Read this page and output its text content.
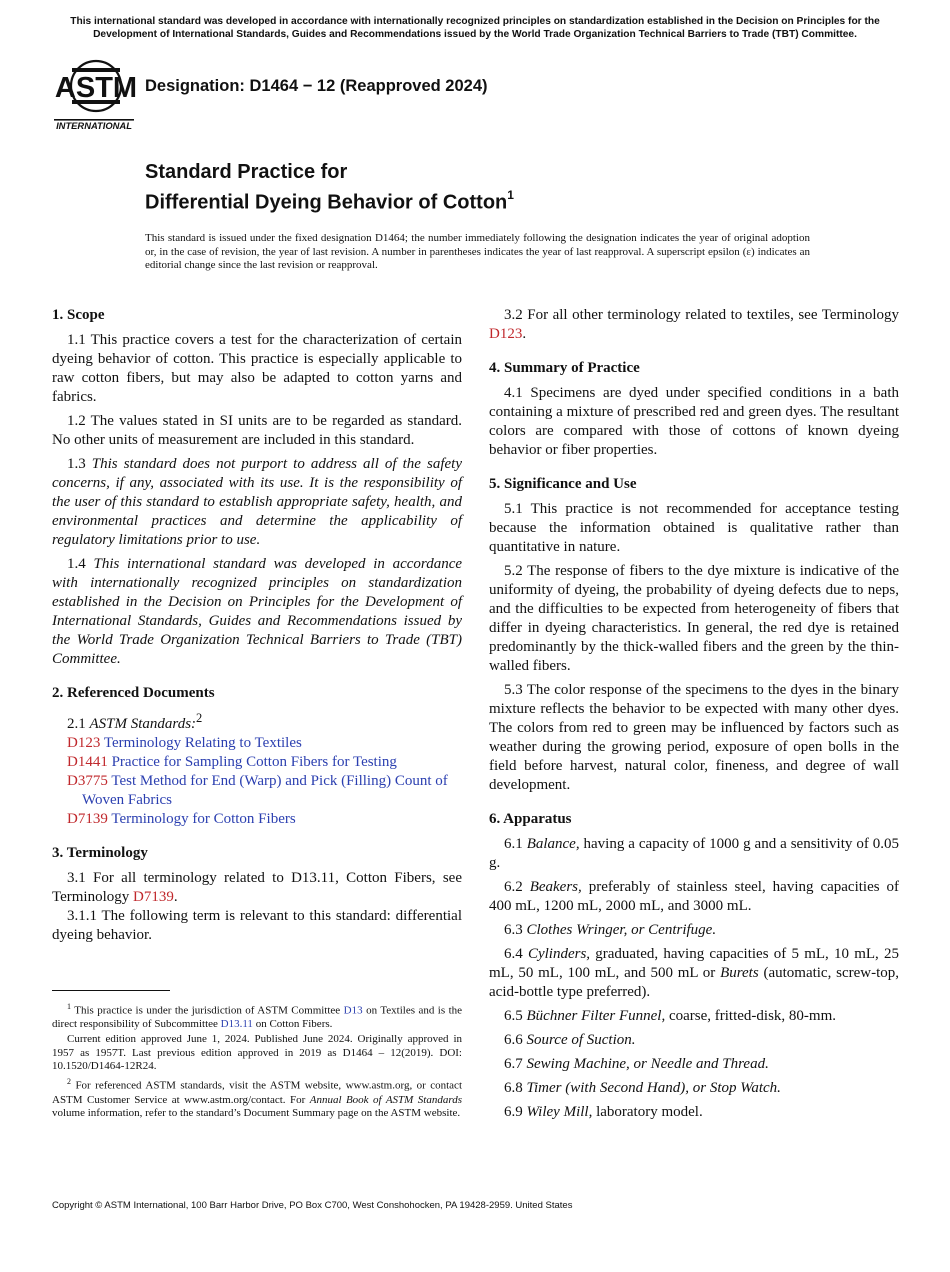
This international standard was developed in accordance with internationally recognized principles on standardization established in the Decision on Principles for the Development of International Standards, Guides and Recommendations issued by the World Trade Organization Technical Barriers to Trade (TBT) Committee.
ASTM
INTERNATIONAL
Designation: D1464 − 12 (Reapproved 2024)
Standard Practice for
Differential Dyeing Behavior of Cotton$^1$
This standard is issued under the fixed designation D1464; the number immediately following the designation indicates the year of original adoption or, in the case of revision, the year of last revision. A number in parentheses indicates the year of last reapproval. A superscript epsilon (ε) indicates an editorial change since the last revision or reapproval.
1. Scope

1.1 This practice covers a test for the characterization of certain dyeing behavior of cotton. This practice is especially applicable to raw cotton fibers, but may also be adapted to cotton yarns and fabrics.

1.2 The values stated in SI units are to be regarded as standard. No other units of measurement are included in this standard.

1.3 This standard does not purport to address all of the safety concerns, if any, associated with its use. It is the responsibility of the user of this standard to establish appropriate safety, health, and environmental practices and determine the applicability of regulatory limitations prior to use.

1.4 This international standard was developed in accordance with internationally recognized principles on standardization established in the Decision on Principles for the Development of International Standards, Guides and Recommendations issued by the World Trade Organization Technical Barriers to Trade (TBT) Committee.

2. Referenced Documents

2.1 ASTM Standards:$^2$

D123 Terminology Relating to Textiles
D1441 Practice for Sampling Cotton Fibers for Testing
D3775 Test Method for End (Warp) and Pick (Filling) Count of Woven Fabrics
D7139 Terminology for Cotton Fibers
3. Terminology

3.1 For all terminology related to D13.11, Cotton Fibers, see Terminology D7139.

3.1.1 The following term is relevant to this standard: differential dyeing behavior.

3.2 For all other terminology related to textiles, see Terminology D123.

4. Summary of Practice

4.1 Specimens are dyed under specified conditions in a bath containing a mixture of prescribed red and green dyes. The resultant colors are compared with those of cottons of known dyeing behavior or fiber properties.

5. Significance and Use

5.1 This practice is not recommended for acceptance testing because the information obtained is qualitative rather than quantitative in nature.

5.2 The response of fibers to the dye mixture is indicative of the uniformity of dyeing, the probability of dyeing defects due to neps, and the difficulties to be expected from heterogeneity of fibers that differ in dyeing characteristics. In general, the red dye is retained predominantly by the thick-walled fibers and the green by the thin-walled fibers.

5.3 The color response of the specimens to the dyes in the binary mixture reflects the behavior to be expected with many other dyes. The colors from red to green may be influenced by factors such as weather during the growing period, exposure of open bolls in the field before harvest, natural color, fineness, and degree of wall development.

6. Apparatus

6.1 Balance, having a capacity of 1000 g and a sensitivity of 0.05 g.

6.2 Beakers, preferably of stainless steel, having capacities of 400 mL, 1200 mL, 2000 mL, and 3000 mL.

6.3 Clothes Wringer, or Centrifuge.

6.4 Cylinders, graduated, having capacities of 5 mL, 10 mL, 25 mL, 50 mL, 100 mL, and 500 mL or Burets (automatic, screw-top, acid-bottle type preferred).

6.5 Büchner Filter Funnel, coarse, fritted-disk, 80-mm.

6.6 Source of Suction.

6.7 Sewing Machine, or Needle and Thread.

6.8 Timer (with Second Hand), or Stop Watch.

6.9 Wiley Mill, laboratory model.

$^1$ This practice is under the jurisdiction of ASTM Committee D13 on Textiles and is the direct responsibility of Subcommittee D13.11 on Cotton Fibers.

Current edition approved June 1, 2024. Published June 2024. Originally approved in 1957 as 1957T. Last previous edition approved in 2019 as D1464 – 12(2019). DOI: 10.1520/D1464-12R24.

$^2$ For referenced ASTM standards, visit the ASTM website, www.astm.org, or contact ASTM Customer Service at www.astm.org/contact. For Annual Book of ASTM Standards volume information, refer to the standard’s Document Summary page on the ASTM website.

Copyright © ASTM International, 100 Barr Harbor Drive, PO Box C700, West Conshohocken, PA 19428-2959. United States
